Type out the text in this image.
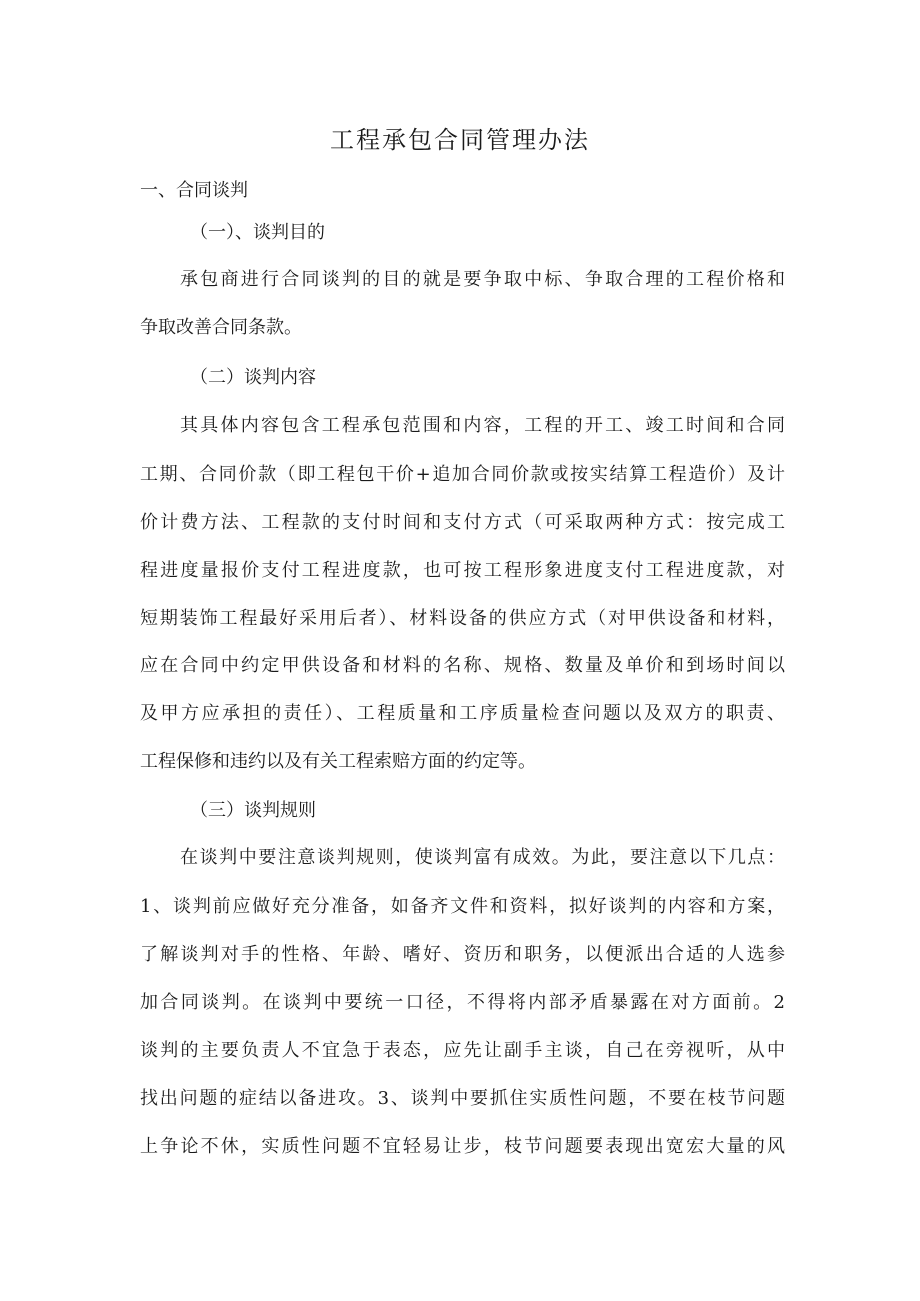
工程承包合同管理办法

一、合同谈判

（一）、谈判目的

承包商进行合同谈判的目的就是要争取中标、争取合理的工程价格和

争取改善合同条款。

（二）谈判内容

其具体内容包含工程承包范围和内容，工程的开工、竣工时间和合同

工期、合同价款（即工程包干价+追加合同价款或按实结算工程造价）及计

价计费方法、工程款的支付时间和支付方式（可采取两种方式：按完成工

程进度量报价支付工程进度款，也可按工程形象进度支付工程进度款，对

短期装饰工程最好采用后者）、材料设备的供应方式（对甲供设备和材料，

应在合同中约定甲供设备和材料的名称、规格、数量及单价和到场时间以

及甲方应承担的责任）、工程质量和工序质量检查问题以及双方的职责、

工程保修和违约以及有关工程索赔方面的约定等。

（三）谈判规则

在谈判中要注意谈判规则，使谈判富有成效。为此，要注意以下几点：

1、谈判前应做好充分准备，如备齐文件和资料，拟好谈判的内容和方案，

了解谈判对手的性格、年龄、嗜好、资历和职务，以便派出合适的人选参

加合同谈判。在谈判中要统一口径，不得将内部矛盾暴露在对方面前。2

谈判的主要负责人不宜急于表态，应先让副手主谈，自己在旁视听，从中

找出问题的症结以备进攻。3、谈判中要抓住实质性问题，不要在枝节问题

上争论不休，实质性问题不宜轻易让步，枝节问题要表现出宽宏大量的风
